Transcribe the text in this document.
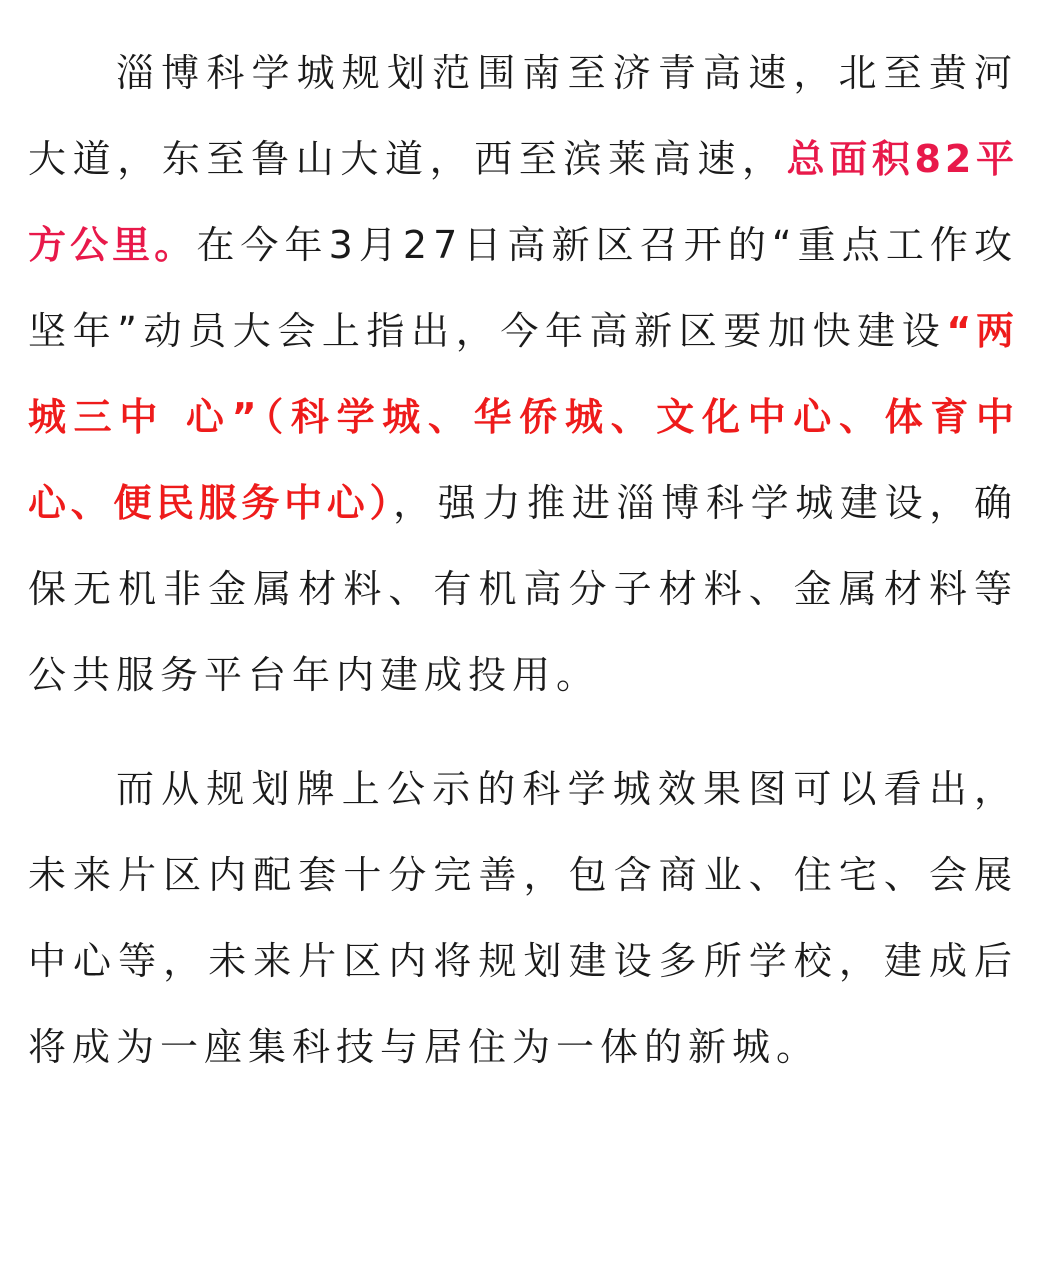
淄博科学城规划范围南至济青高速，北至黄河大道，东至鲁山大道，西至滨莱高速，总面积82平方公里。在今年3月27日高新区召开的“重点工作攻坚年”动员大会上指出，今年高新区要加快建设“两城三中 心”（科学城、华侨城、文化中心、体育中 心、便民服务中心），强力推进淄博科学城建设，确保无机非金属材料、有机高分子材料、金属材料等公共服务平台年内建成投用。

而从规划牌上公示的科学城效果图可以看出，未来片区内配套十分完善，包含商业、住宅、会展中心等，未来片区内将规划建设多所学校，建成后将成为一座集科技与居住为一体的新城。
